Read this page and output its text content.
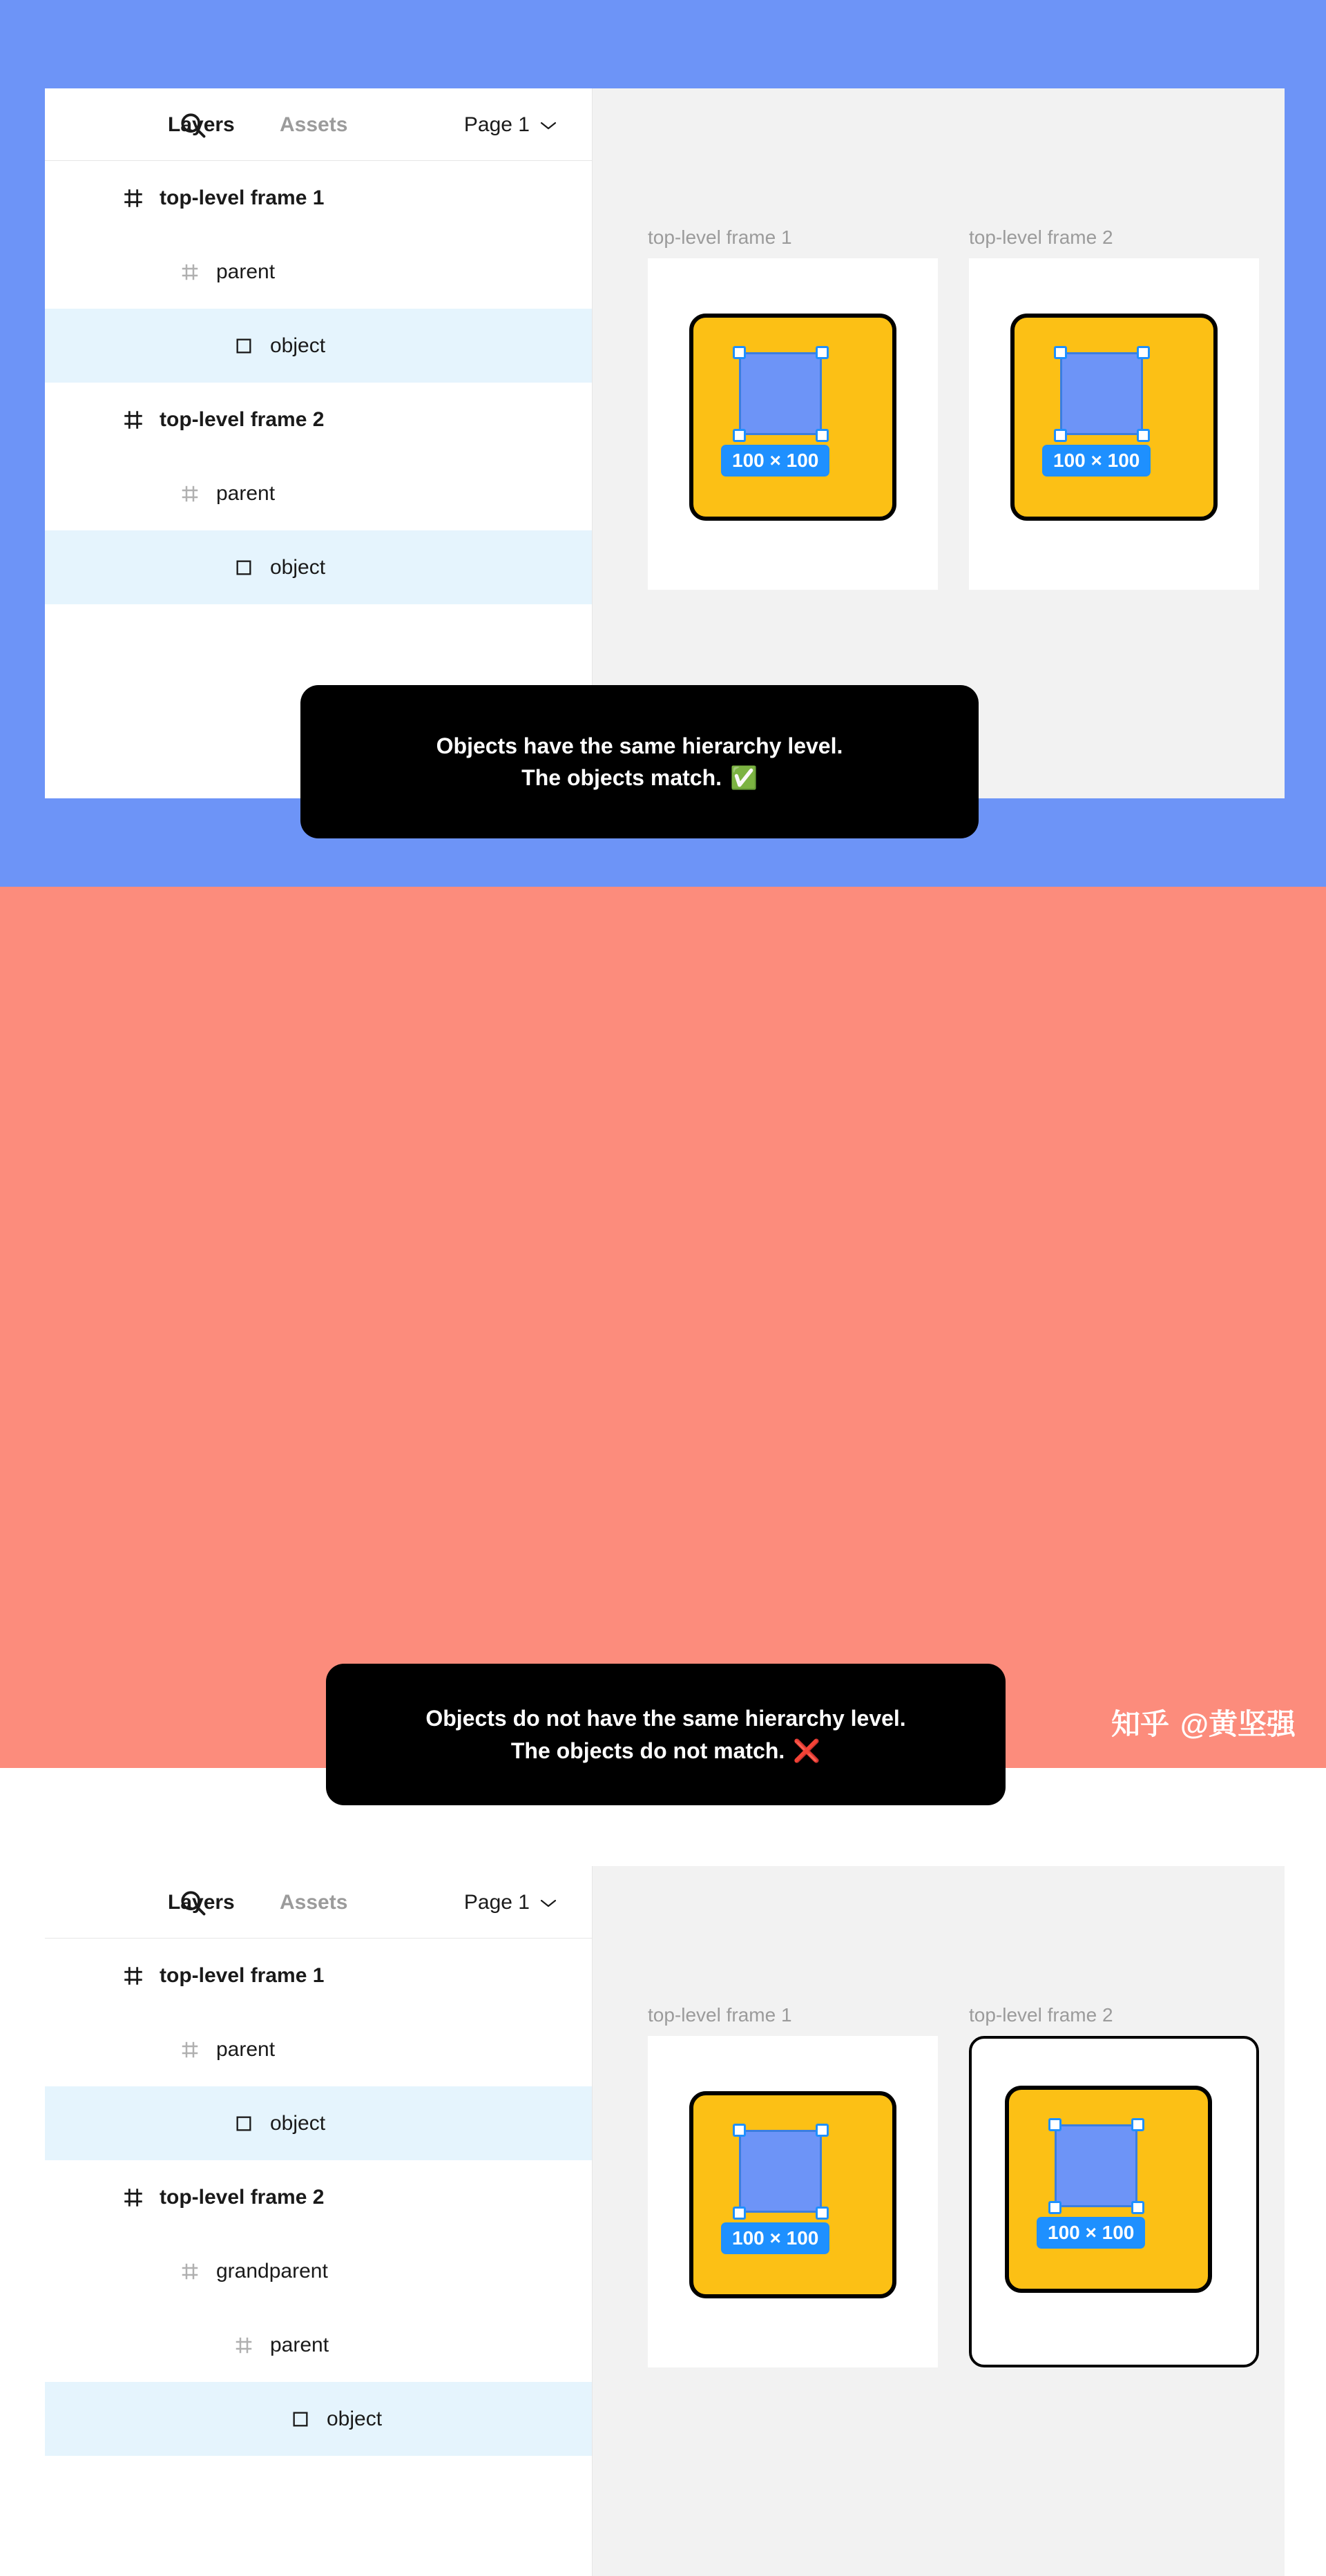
Layers Assets	Page 1
top-level frame 1
parent
object
top-level frame 2
parent
object
top-level frame 1
100 × 100
top-level frame 2
100 × 100
Objects have the same hierarchy level.
The objects match. ✅
Layers Assets	Page 1
top-level frame 1
parent
object
top-level frame 2
grandparent
parent
object
top-level frame 1
100 × 100
top-level frame 2
100 × 100
Objects do not have the same hierarchy level.
The objects do not match. ❌
知乎 @黄坚强
